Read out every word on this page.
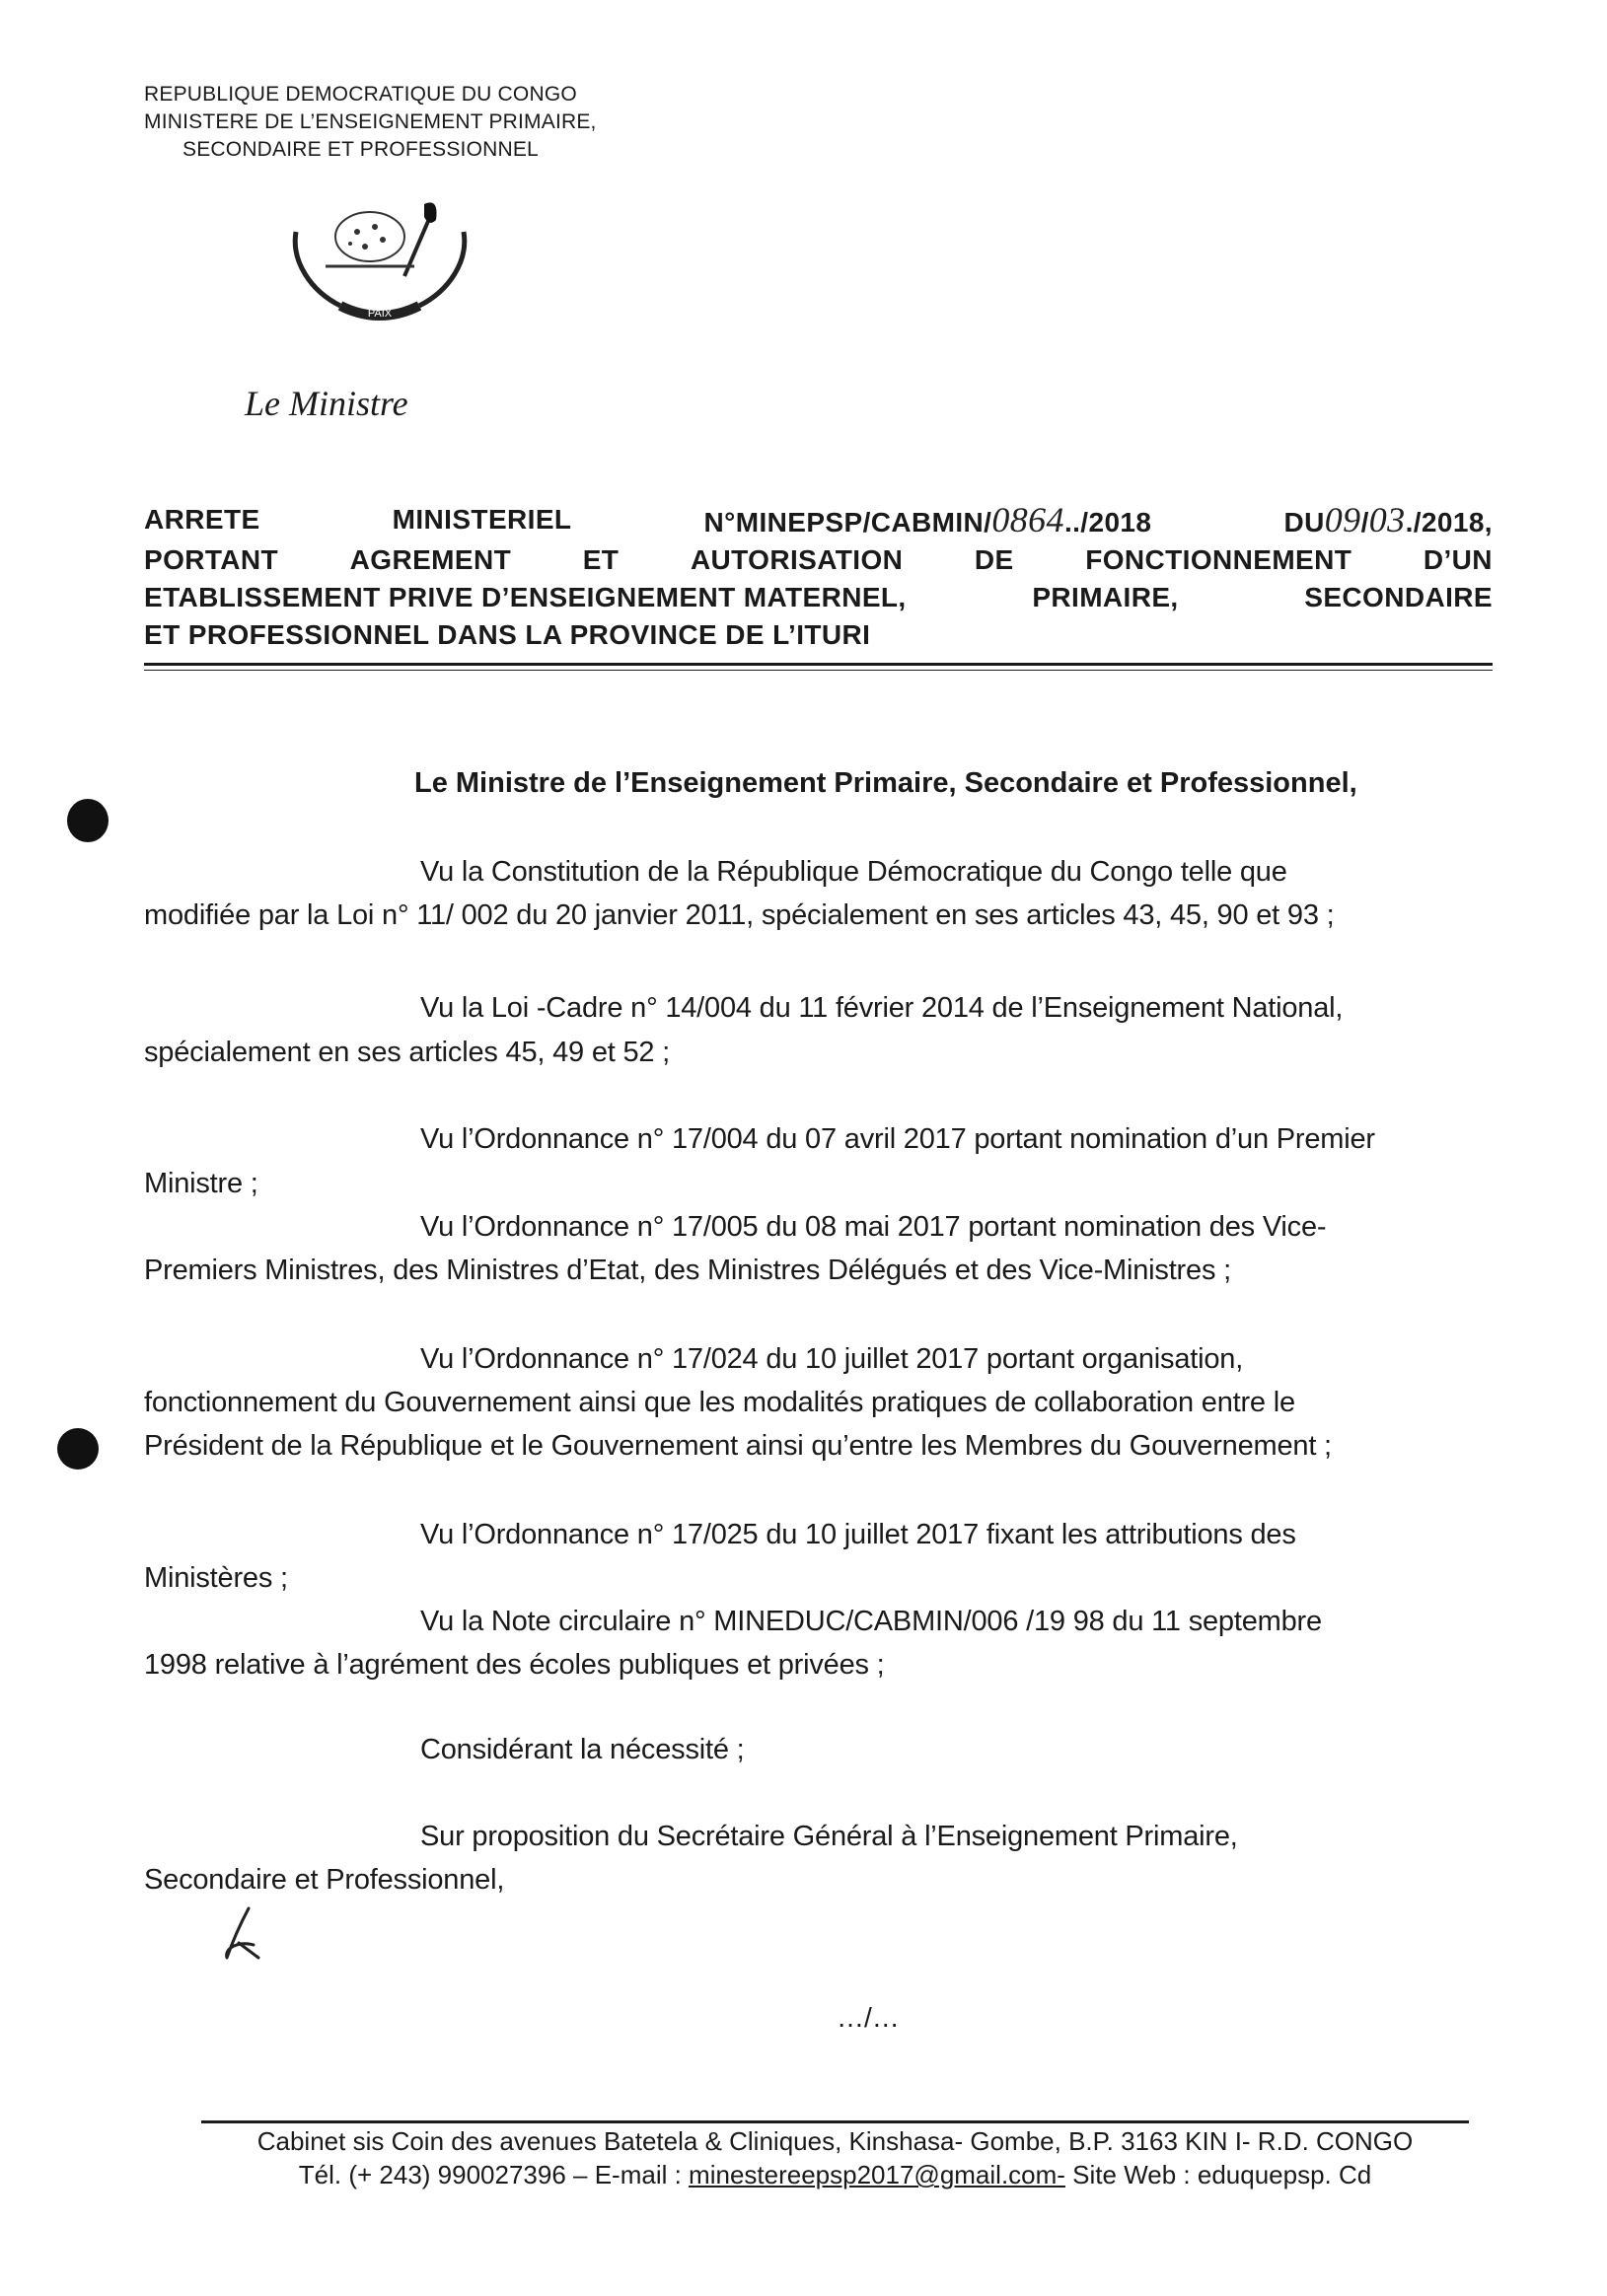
REPUBLIQUE DEMOCRATIQUE DU CONGO
MINISTERE DE L’ENSEIGNEMENT PRIMAIRE,
SECONDAIRE ET PROFESSIONNEL
PAIX
Le Ministre
ARRETE	MINISTERIEL	N°MINEPSP/CABMIN/0864../2018	DU09/03./2018,
PORTANT	AGREMENT	ET	AUTORISATION	DE	FONCTIONNEMENT	D’UN
ETABLISSEMENT PRIVE D’ENSEIGNEMENT MATERNEL,	PRIMAIRE,	SECONDAIRE
ET PROFESSIONNEL DANS LA PROVINCE DE L’ITURI
Le Ministre de l’Enseignement Primaire, Secondaire et Professionnel,
Vu la Constitution de la République Démocratique du Congo telle que
modifiée par la Loi n° 11/ 002 du 20 janvier 2011, spécialement en ses articles 43, 45, 90 et 93 ;
Vu la Loi -Cadre n° 14/004 du 11 février 2014 de l’Enseignement National,
spécialement en ses articles 45, 49 et 52 ;
Vu l’Ordonnance n° 17/004 du 07 avril 2017 portant nomination d’un Premier
Ministre ;
Vu l’Ordonnance n° 17/005 du 08 mai 2017 portant nomination des Vice-
Premiers Ministres, des Ministres d’Etat, des Ministres Délégués et des Vice-Ministres ;
Vu l’Ordonnance n° 17/024 du 10 juillet 2017 portant organisation,
fonctionnement du Gouvernement ainsi que les modalités pratiques de collaboration entre le
Président de la République et le Gouvernement ainsi qu’entre les Membres du Gouvernement ;
Vu l’Ordonnance n° 17/025 du 10 juillet 2017 fixant les attributions des
Ministères ;
Vu la Note circulaire n° MINEDUC/CABMIN/006 /19 98 du 11 septembre
1998 relative à l’agrément des écoles publiques et privées ;
Considérant la nécessité ;
Sur proposition du Secrétaire Général à l’Enseignement Primaire,
Secondaire et Professionnel,
…/…
Cabinet sis Coin des avenues Batetela & Cliniques, Kinshasa- Gombe, B.P. 3163 KIN I- R.D. CONGO
Tél. (+ 243) 990027396 – E-mail : minestereepsp2017@gmail.com- Site Web : eduquepsp. Cd
